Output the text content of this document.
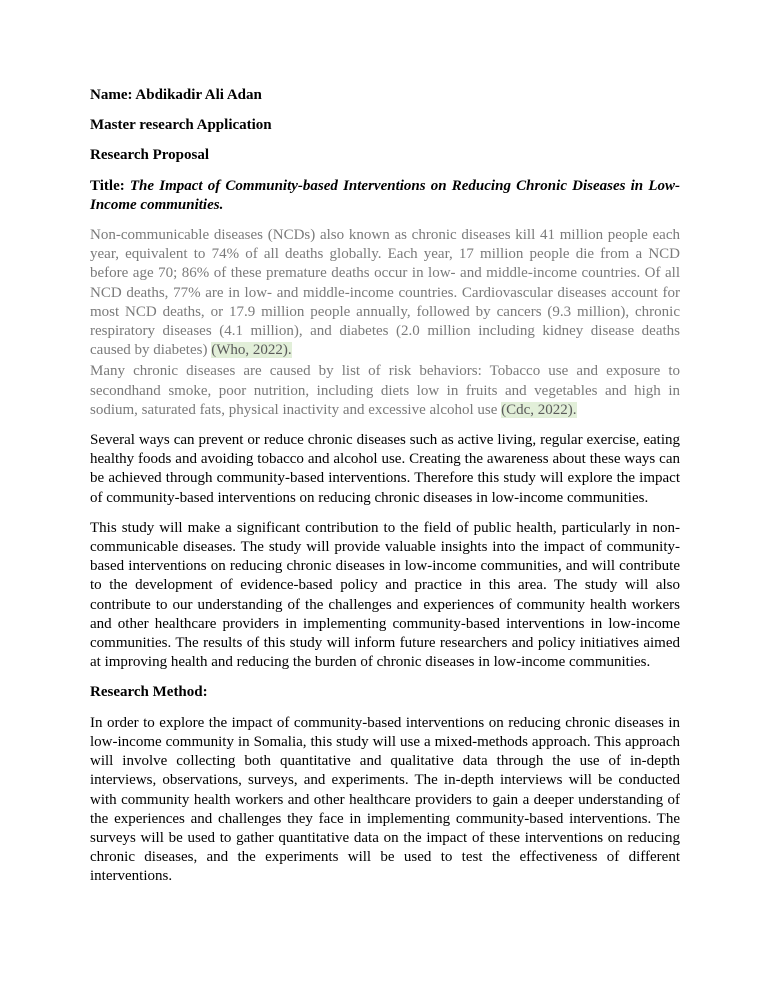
Name: Abdikadir Ali Adan
Master research Application
Research Proposal

Title: The Impact of Community-based Interventions on Reducing Chronic Diseases in Low-Income communities.

Non-communicable diseases (NCDs) also known as chronic diseases kill 41 million people each year, equivalent to 74% of all deaths globally. Each year, 17 million people die from a NCD before age 70; 86% of these premature deaths occur in low- and middle-income countries. Of all NCD deaths, 77% are in low- and middle-income countries. Cardiovascular diseases account for most NCD deaths, or 17.9 million people annually, followed by cancers (9.3 million), chronic respiratory diseases (4.1 million), and diabetes (2.0 million including kidney disease deaths caused by diabetes) (Who, 2022).

Many chronic diseases are caused by list of risk behaviors: Tobacco use and exposure to secondhand smoke, poor nutrition, including diets low in fruits and vegetables and high in sodium, saturated fats, physical inactivity and excessive alcohol use (Cdc, 2022).

Several ways can prevent or reduce chronic diseases such as active living, regular exercise, eating healthy foods and avoiding tobacco and alcohol use. Creating the awareness about these ways can be achieved through community-based interventions. Therefore this study will explore the impact of community-based interventions on reducing chronic diseases in low-income communities.

This study will make a significant contribution to the field of public health, particularly in non-communicable diseases. The study will provide valuable insights into the impact of community-based interventions on reducing chronic diseases in low-income communities, and will contribute to the development of evidence-based policy and practice in this area. The study will also contribute to our understanding of the challenges and experiences of community health workers and other healthcare providers in implementing community-based interventions in low-income communities. The results of this study will inform future researchers and policy initiatives aimed at improving health and reducing the burden of chronic diseases in low-income communities.

Research Method:

In order to explore the impact of community-based interventions on reducing chronic diseases in low-income community in Somalia, this study will use a mixed-methods approach. This approach will involve collecting both quantitative and qualitative data through the use of in-depth interviews, observations, surveys, and experiments. The in-depth interviews will be conducted with community health workers and other healthcare providers to gain a deeper understanding of the experiences and challenges they face in implementing community-based interventions. The surveys will be used to gather quantitative data on the impact of these interventions on reducing chronic diseases, and the experiments will be used to test the effectiveness of different interventions.
